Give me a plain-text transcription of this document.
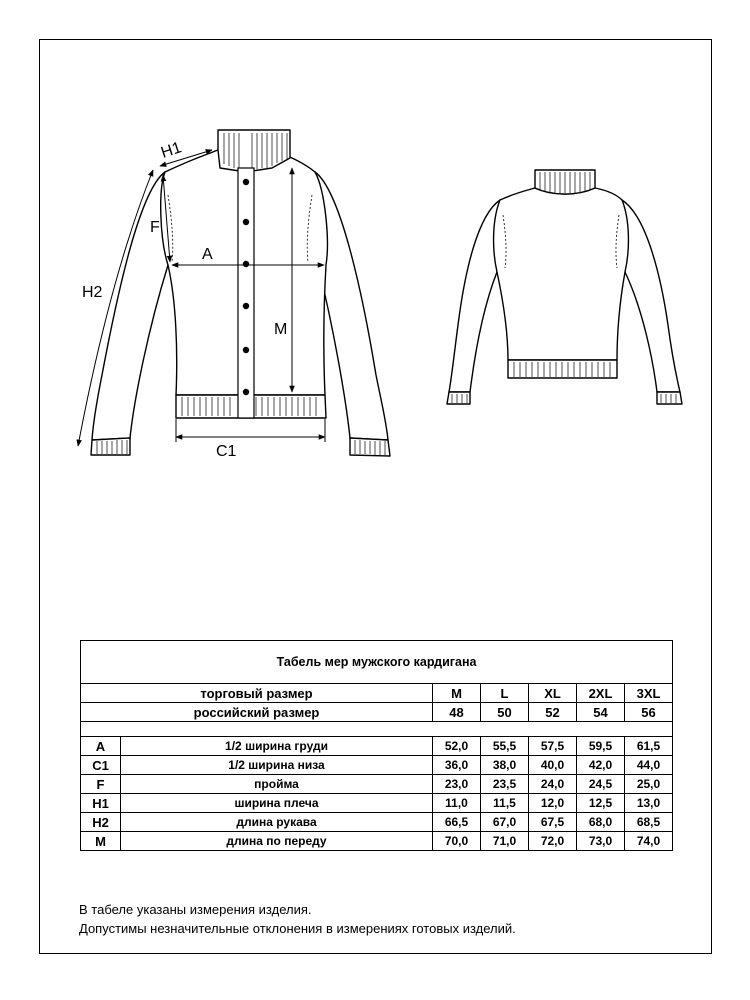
H1
F
A
H2
M
C1
Табель мер мужского кардигана						
торговый размер		M	L	XL	2XL	3XL
российский размер		48	50	52	54	56

A	1/2 ширина груди	52,0	55,5	57,5	59,5	61,5
C1	1/2 ширина низа	36,0	38,0	40,0	42,0	44,0
F	пройма	23,0	23,5	24,0	24,5	25,0
H1	ширина плеча	11,0	11,5	12,0	12,5	13,0
H2	длина рукава	66,5	67,0	67,5	68,0	68,5
M	длина по переду	70,0	71,0	72,0	73,0	74,0
В табеле указаны измерения изделия.
Допустимы незначительные отклонения в измерениях готовых изделий.
